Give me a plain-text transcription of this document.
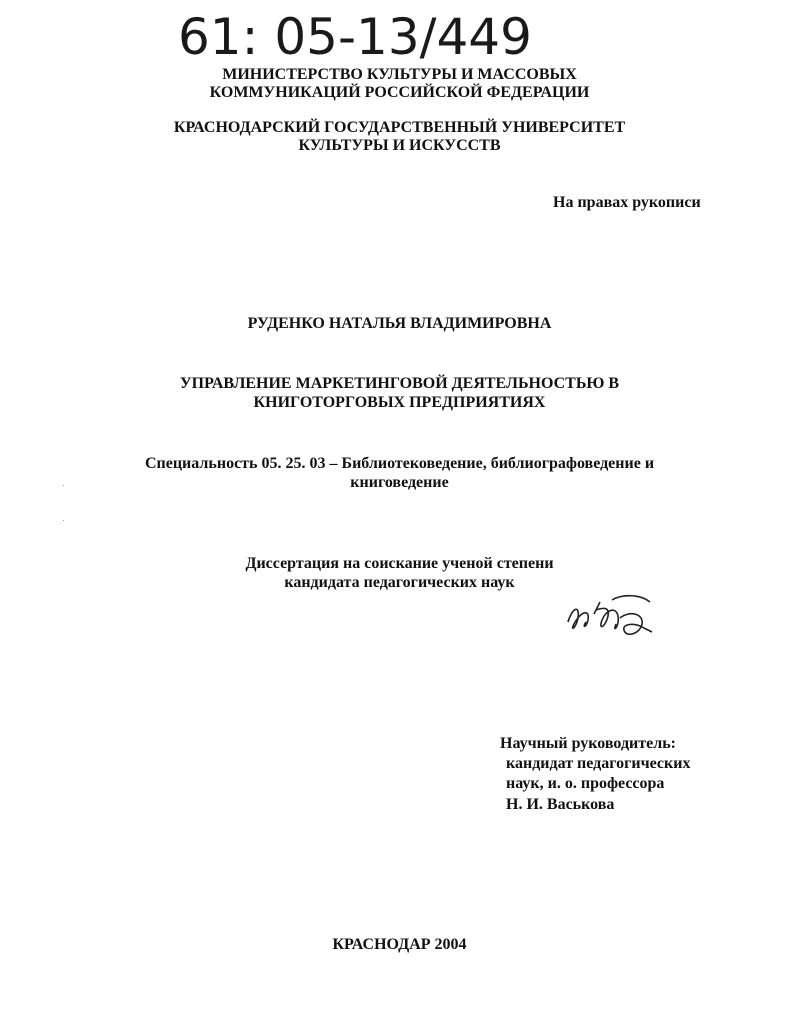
61: 05-13/449
МИНИСТЕРСТВО КУЛЬТУРЫ И МАССОВЫХ
КОММУНИКАЦИЙ РОССИЙСКОЙ ФЕДЕРАЦИИ
КРАСНОДАРСКИЙ ГОСУДАРСТВЕННЫЙ УНИВЕРСИТЕТ
КУЛЬТУРЫ И ИСКУССТВ
На правах рукописи
РУДЕНКО НАТАЛЬЯ ВЛАДИМИРОВНА
УПРАВЛЕНИЕ МАРКЕТИНГОВОЙ ДЕЯТЕЛЬНОСТЬЮ В
КНИГОТОРГОВЫХ ПРЕДПРИЯТИЯХ
Специальность 05. 25. 03 – Библиотековедение, библиографоведение и
книговедение
Диссертация на соискание ученой степени
кандидата педагогических наук
Научный руководитель:
кандидат педагогических
наук, и. о. профессора
Н. И. Васькова
КРАСНОДАР 2004
